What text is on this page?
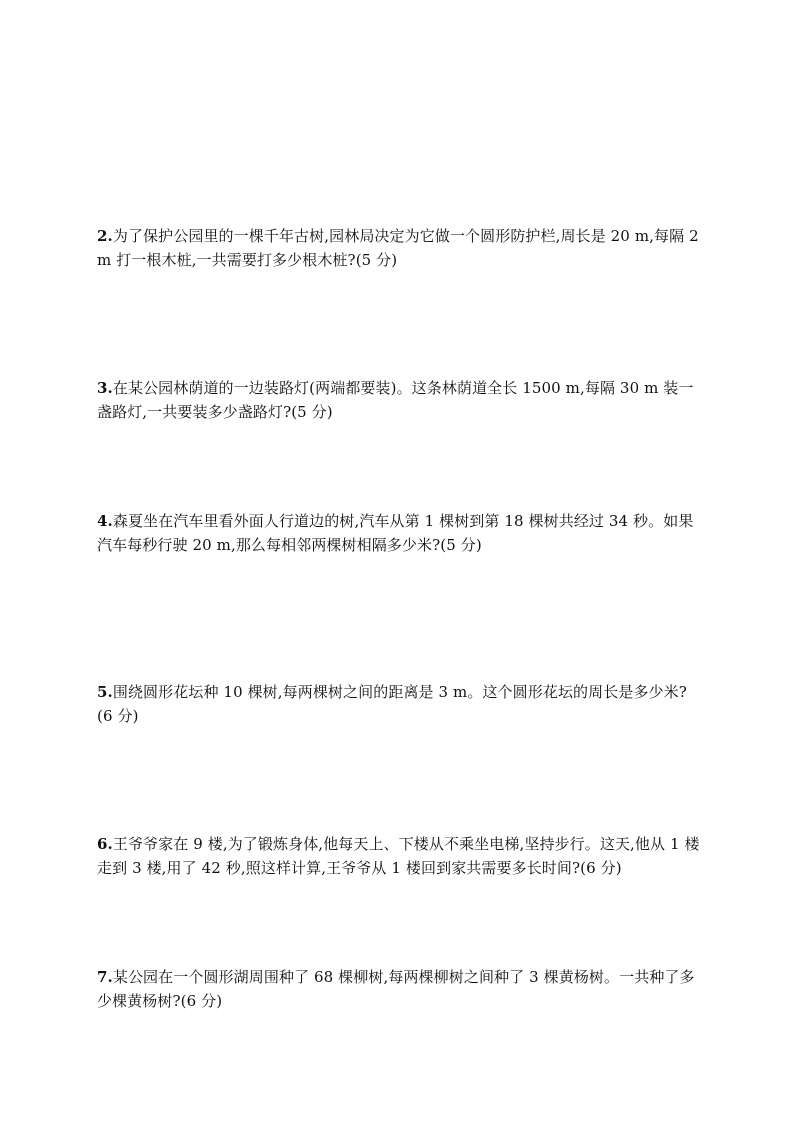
2.为了保护公园里的一棵千年古树,园林局决定为它做一个圆形防护栏,周长是 20 m,每隔 2 m 打一根木桩,一共需要打多少根木桩?(5 分)
3.在某公园林荫道的一边装路灯(两端都要装)。这条林荫道全长 1500 m,每隔 30 m 装一盏路灯,一共要装多少盏路灯?(5 分)
4.森夏坐在汽车里看外面人行道边的树,汽车从第 1 棵树到第 18 棵树共经过 34 秒。如果汽车每秒行驶 20 m,那么每相邻两棵树相隔多少米?(5 分)
5.围绕圆形花坛种 10 棵树,每两棵树之间的距离是 3 m。这个圆形花坛的周长是多少米?(6 分)
6.王爷爷家在 9 楼,为了锻炼身体,他每天上、下楼从不乘坐电梯,坚持步行。这天,他从 1 楼走到 3 楼,用了 42 秒,照这样计算,王爷爷从 1 楼回到家共需要多长时间?(6 分)
7.某公园在一个圆形湖周围种了 68 棵柳树,每两棵柳树之间种了 3 棵黄杨树。一共种了多少棵黄杨树?(6 分)
